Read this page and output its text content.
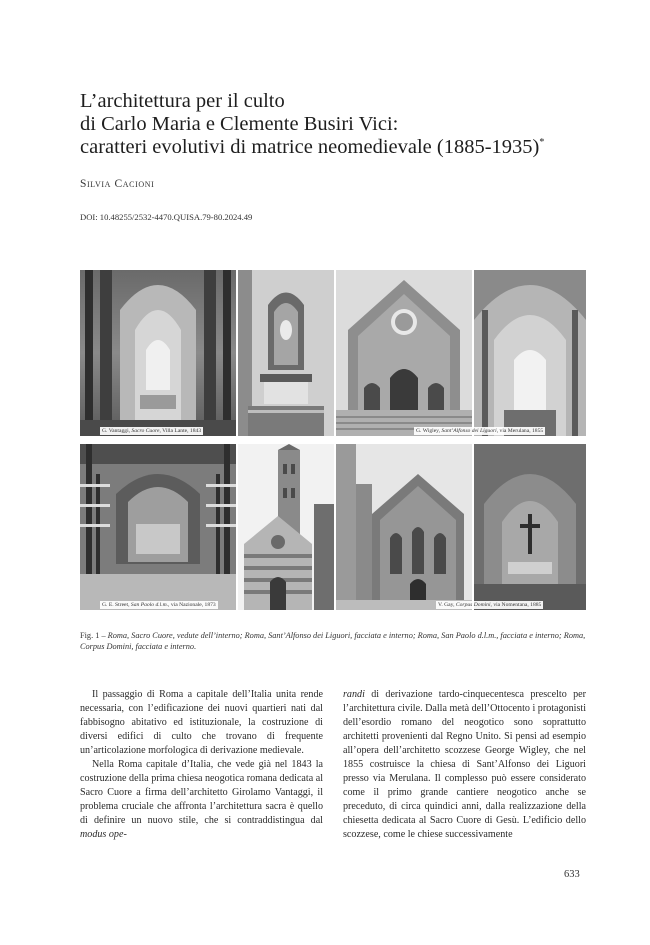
L’architettura per il culto
di Carlo Maria e Clemente Busiri Vici:
caratteri evolutivi di matrice neomedievale (1885-1935)*
Silvia Cacioni
DOI: 10.48255/2532-4470.QUISA.79-80.2024.49
G. Vantaggi, Sacro Cuore, Villa Lante, 1843	G. Wigley, Sant’Alfonso dei Liguori, via Merulana, 1855
G. E. Street, San Paolo d.l.m., via Nazionale, 1873	V. Gay, Corpus Domini, via Nomentana, 1885
Fig. 1 – Roma, Sacro Cuore, vedute dell’interno; Roma, Sant’Alfonso dei Liguori, facciata e interno; Roma, San Paolo d.l.m., facciata e interno; Roma, Corpus Domini, facciata e interno.

Il passaggio di Roma a capitale dell’Italia unita rende necessaria, con l’edificazione dei nuovi quartieri nati dal fabbisogno abitativo ed istituzionale, la costruzione di diversi edifici di culto che trovano di frequente un’articolazione morfologica di derivazione medievale.

Nella Roma capitale d’Italia, che vede già nel 1843 la costruzione della prima chiesa neogotica romana dedicata al Sacro Cuore a firma dell’architetto Girolamo Vantaggi, il problema cruciale che affronta l’architettura sacra è quello di definire un nuovo stile, che si contraddistingua dal modus ope-

randi di derivazione tardo-cinquecentesca prescelto per l’architettura civile. Dalla metà dell’Ottocento i protagonisti dell’esordio romano del neogotico sono soprattutto architetti provenienti dal Regno Unito. Si pensi ad esempio all’opera dell’architetto scozzese George Wigley, che nel 1855 costruisce la chiesa di Sant’Alfonso dei Liguori presso via Merulana. Il complesso può essere considerato come il primo grande cantiere neogotico anche se preceduto, di circa quindici anni, dalla realizzazione della chiesetta dedicata al Sacro Cuore di Gesù. L’edificio dello scozzese, come le chiese successivamente

633
